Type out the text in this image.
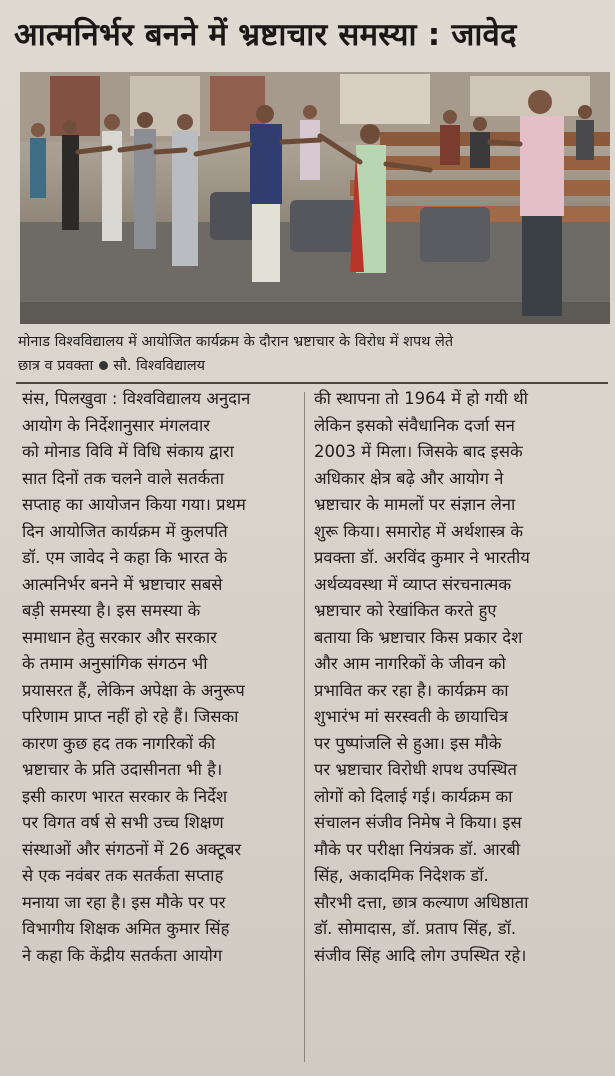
आत्मनिर्भर बनने में भ्रष्टाचार समस्या : जावेद
मोनाड विश्वविद्यालय में आयोजित कार्यक्रम के दौरान भ्रष्टाचार के विरोध में शपथ लेते
छात्र व प्रवक्ता सौ. विश्वविद्यालय
संस, पिलखुवा : विश्वविद्यालय अनुदान
आयोग के निर्देशानुसार मंगलवार
को मोनाड विवि में विधि संकाय द्वारा
सात दिनों तक चलने वाले सतर्कता
सप्ताह का आयोजन किया गया। प्रथम
दिन आयोजित कार्यक्रम में कुलपति
डॉ. एम जावेद ने कहा कि भारत के
आत्मनिर्भर बनने में भ्रष्टाचार सबसे
बड़ी समस्या है। इस समस्या के
समाधान हेतु सरकार और सरकार
के तमाम अनुसांगिक संगठन भी
प्रयासरत हैं, लेकिन अपेक्षा के अनुरूप
परिणाम प्राप्त नहीं हो रहे हैं। जिसका
कारण कुछ हद तक नागरिकों की
भ्रष्टाचार के प्रति उदासीनता भी है।
इसी कारण भारत सरकार के निर्देश
पर विगत वर्ष से सभी उच्च शिक्षण
संस्थाओं और संगठनों में 26 अक्टूबर
से एक नवंबर तक सतर्कता सप्ताह
मनाया जा रहा है। इस मौके पर पर
विभागीय शिक्षक अमित कुमार सिंह
ने कहा कि केंद्रीय सतर्कता आयोग
की स्थापना तो 1964 में हो गयी थी
लेकिन इसको संवैधानिक दर्जा सन
2003 में मिला। जिसके बाद इसके
अधिकार क्षेत्र बढ़े और आयोग ने
भ्रष्टाचार के मामलों पर संज्ञान लेना
शुरू किया। समारोह में अर्थशास्त्र के
प्रवक्ता डॉ. अरविंद कुमार ने भारतीय
अर्थव्यवस्था में व्याप्त संरचनात्मक
भ्रष्टाचार को रेखांकित करते हुए
बताया कि भ्रष्टाचार किस प्रकार देश
और आम नागरिकों के जीवन को
प्रभावित कर रहा है। कार्यक्रम का
शुभारंभ मां सरस्वती के छायाचित्र
पर पुष्पांजलि से हुआ। इस मौके
पर भ्रष्टाचार विरोधी शपथ उपस्थित
लोगों को दिलाई गई। कार्यक्रम का
संचालन संजीव निमेष ने किया। इस
मौके पर परीक्षा नियंत्रक डॉ. आरबी
सिंह, अकादमिक निदेशक डॉ.
सौरभी दत्ता, छात्र कल्याण अधिष्ठाता
डॉ. सोमादास, डॉ. प्रताप सिंह, डॉ.
संजीव सिंह आदि लोग उपस्थित रहे।
